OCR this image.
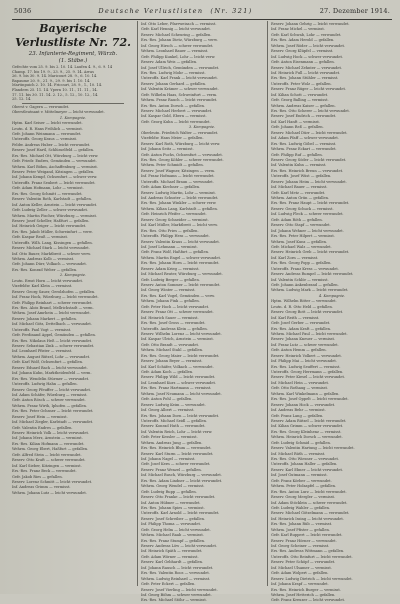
5036	Deutsche Verlustlisten (Nr. 321)	27. Dezember 1914.
Bayerische Verlustliste Nr. 72.
23. Infanterie-Regiment, Würzb.
(1. Stäbe.)
Gefechte vom 25. 9. bis 2. 10. 14. Laufen 4. 9., 6. 9. 14
Champ. 17. bis 19. 9., 23. 9., 25. 9. 14. Arras
26. 9. bis 30. 9. 14. Maricourt 28. 9., 6. 10. 14.
Bapaume 20. 9., 21. 9., 29. 9. bis 1. 10. 14.
Martinpuich 2. 10. 14. Fricourt, 28. 9., 1., 10. 14.
Flandern 25. 11. 14. Ypern 10. 11., 11. 11., 14.
17. 11. bis 30. 11. 14. 2. 12., 5. 12., 10. 12., 14.
25. 12. 14.
Oberst v. Gagern — verwundet.
Oberstleutnant v. Mittelmeyer — leicht verwundet.
1. Kompagnie.
Hptm. Karl Seiser — leicht verwundet.
Leutn. d. R. Hans Fröhlich — vermisst.
Gefr. Johann Weinmann — verwundet.
Unteroffz. Georg Kraus — vermisst.
Feldw. Andreas Huber — leicht verwundet.
Reserv. Josef Hartl, Schlüsselfeld — gefallen.
Ers.-Res. Michael Ott, Würzburg — leicht verw.
Gefr. Friedr. Endres, Gemünden — verwundet.
Wehrm. Karl Böhm, Aschaffenburg — vermisst.
Reserv. Peter Weigand, Kitzingen — gefallen.
Inf. Johann Kempf, Ochsenfurt — schwer verw.
Unteroffz. Franz Seubert — leicht verwundet.
Gefr. Adam Hofmann, Lohr — vermisst.
Ers.-Res. Georg Schmitt — verwundet.
Reserv. Valentin Roth, Karlstadt — gefallen.
Inf. Anton Keller, Arnstein — leicht verwundet.
Gefr. Ludwig Zeller — schwer verwundet.
Wehrm. Martin Fischer, Würzburg — vermisst.
Reserv. Josef Scheller, Haßfurt — gefallen.
Inf. Heinrich Geiger — leicht verwundet.
Ers.-Res. Jakob Müller, Schweinfurt — verw.
Gefr. Kaspar Reuß — vermisst.
Unteroffz. Wilh. Lang, Kissingen — gefallen.
Reserv. Michael Stark — leicht verwundet.
Inf. Otto Bauer, Marktbreit — schwer verw.
Wehrm. Andreas Kolb — vermisst.
Gefr. Johann Dürr, Volkach — verwundet.
Ers.-Res. Konrad Weber — gefallen.
2. Kompagnie.
Leutn. Ernst Horn — leicht verwundet.
Vizefeldw. Karl Klein — vermisst.
Reserv. Georg Sauer, Gerolzhofen — gefallen.
Inf. Franz Hock, Würzburg — leicht verwundet.
Gefr. Philipp Reinhart — schwer verwundet.
Ers.-Res. Alois Brand, Mellrichstadt — verm.
Wehrm. Josef Amrhein — leicht verwundet.
Reserv. Johann Markert — gefallen.
Inf. Michael Götz, Dettelbach — verwundet.
Unteroffz. Paul Vogt — vermisst.
Gefr. Ferdinand Appel, Gemünden — gefallen.
Ers.-Res. Nikolaus Heß — leicht verwundet.
Reserv. Sebastian Zink — schwer verwundet.
Inf. Leonhard Pfister — vermisst.
Wehrm. August Rützel, Lohr — verwundet.
Gefr. Karl Wolf, Ochsenfurt — gefallen.
Reserv. Eduard Bach — leicht verwundet.
Inf. Johann Kuhn, Marktheidenfeld — verm.
Ers.-Res. Wendelin Stürmer — verwundet.
Unteroffz. Ludwig Hahn — gefallen.
Reserv. Georg Pfeuffer — leicht verwundet.
Inf. Adam Schäfer, Würzburg — vermisst.
Gefr. Anton Rösch — schwer verwundet.
Wehrm. Franz Wirth, Iphofen — gefallen.
Ers.-Res. Peter Öchsner — leicht verwundet.
Reserv. Josef Hein — vermisst.
Inf. Michael Ziegler, Karlstadt — verwundet.
Gefr. Valentin Endres — gefallen.
Reserv. Heinrich Volk — leicht verwundet.
Inf. Johann Merz, Arnstein — vermisst.
Ers.-Res. Kilian Hofmann — verwundet.
Wehrm. Georg Ebert, Haßfurt — gefallen.
Gefr. Alfred Stein — leicht verwundet.
Reserv. Otto Kraft — schwer verwundet.
Inf. Karl Sieber, Kitzingen — vermisst.
Ers.-Res. Franz Beck — verwundet.
Gefr. Jakob Ries — gefallen.
Reserv. Lorenz Schmitt — leicht verwundet.
Inf. Andreas Grimm — vermisst.
Wehrm. Johann Lutz — leicht verwundet.
Inf. Otto Leber, Pfarrweisach — vermisst.
Gefr. Karl Hennig — leicht verwundet.
Reserv. Michael Scheuring — gefallen.
Ers.-Res. Johann Dietz, Würzburg — verw.
Inf. Georg Hirsch — schwer verwundet.
Wehrm. Leonhard Bauer — vermisst.
Gefr. Philipp Kunkel, Lohr — leicht verw.
Reserv. Adam Weis — gefallen.
Inf. Josef Ullrich, Gemünden — verwundet.
Ers.-Res. Ludwig Mohr — vermisst.
Unteroffz. Karl Frank — leicht verwundet.
Reserv. Johann Gerhard — gefallen.
Inf. Valentin Krämer — schwer verwundet.
Gefr. Wilhelm Haas, Schweinfurt — verm.
Wehrm. Franz Rauch — leicht verwundet.
Ers.-Res. Anton Dorsch — gefallen.
Reserv. Michael Herbert — verwundet.
Inf. Kaspar Gold, Ebern — vermisst.
Gefr. Georg Kuhn — leicht verwundet.
3. Kompagnie.
Oberleutn. Friedrich Walter — verwundet.
Vizefeldw. Hans Meier — gefallen.
Reserv. Karl Roth, Würzburg — leicht verw.
Inf. Johann Seitz — vermisst.
Gefr. Anton Fuchs, Ochsenfurt — verwundet.
Ers.-Res. Georg Köhler — schwer verwundet.
Wehrm. Peter Schmidt — gefallen.
Reserv. Josef Wagner, Kitzingen — verm.
Inf. Franz Hofmann — leicht verwundet.
Unteroffz. Michael Braun — verwundet.
Gefr. Adam Kirchner — gefallen.
Reserv. Ludwig Martin, Lohr — vermisst.
Inf. Andreas Schuster — leicht verwundet.
Ers.-Res. Johann Winkler — schwer verw.
Wehrm. Kilian Lang, Karlstadt — gefallen.
Gefr. Heinrich Pfeifer — verwundet.
Reserv. Georg Schneider — vermisst.
Inf. Karl Müller, Marktbreit — leicht verw.
Ers.-Res. Otto Fries — gefallen.
Unteroffz. Philipp Hess — verwundet.
Reserv. Valentin Kraus — leicht verwundet.
Inf. Josef Lehmann — vermisst.
Gefr. Franz Wolf, Haßfurt — gefallen.
Wehrm. Martin Engel — schwer verwundet.
Ers.-Res. Johann Horn — leicht verwundet.
Reserv. Adam Krieg — vermisst.
Inf. Michael Reuter, Würzburg — verwundet.
Gefr. Ludwig Berger — gefallen.
Reserv. Anton Sommer — leicht verwundet.
Inf. Georg Winter — vermisst.
Ers.-Res. Karl Vogel, Gemünden — verw.
Wehrm. Johann Fink — gefallen.
Gefr. Peter Hoch — leicht verwundet.
Reserv. Franz Ott — schwer verwundet.
Inf. Heinrich Sauer — vermisst.
Ers.-Res. Josef Gross — verwundet.
Unteroffz. Andreas Klein — gefallen.
Reserv. Wilhelm Lorenz — leicht verwundet.
Inf. Kaspar Ulrich, Arnstein — vermisst.
Gefr. Otto Brandt — verwundet.
Wehrm. Michael Stahl — gefallen.
Ers.-Res. Georg Maier — leicht verwundet.
Reserv. Johann Beyer — vermisst.
Inf. Karl Schäfer, Volkach — verwundet.
Gefr. Adam Koch — gefallen.
Reserv. Philipp Wild — leicht verwundet.
Inf. Leonhard Kurz — schwer verwundet.
Ers.-Res. Franz Hartmann — vermisst.
Wehrm. Josef Neumann — leicht verwundet.
Gefr. Anton Pohl — gefallen.
Reserv. Ludwig Keim — verwundet.
Inf. Georg Albert — vermisst.
Ers.-Res. Johann Dorn — leicht verwundet.
Unteroffz. Michael Seidl — gefallen.
Reserv. Konrad Huth — verwundet.
Inf. Valentin Reich, Lohr — leicht verw.
Gefr. Peter Kessler — vermisst.
Wehrm. Andreas Jung — gefallen.
Ers.-Res. Heinrich Blum — verwundet.
Reserv. Karl Sturm — leicht verwundet.
Inf. Johann Nagel — vermisst.
Gefr. Josef Kern — schwer verwundet.
Reserv. Franz Wenzel — gefallen.
Inf. Michael Busch, Würzburg — verwundet.
Ers.-Res. Adam Lindner — leicht verwundet.
Wehrm. Georg Wendel — vermisst.
Gefr. Ludwig Rupp — gefallen.
Reserv. Otto Franke — leicht verwundet.
Inf. Anton Hübner — verwundet.
Ers.-Res. Johann Spies — vermisst.
Unteroffz. Karl Arnold — leicht verwundet.
Reserv. Josef Schreiber — gefallen.
Inf. Philipp Thoma — verwundet.
Gefr. Georg Helm — leicht verwundet.
Wehrm. Michael Raab — vermisst.
Ers.-Res. Franz Stumpf — gefallen.
Reserv. Andreas Löw — leicht verwundet.
Inf. Heinrich Späth — verwundet.
Gefr. Adam Wörner — vermisst.
Reserv. Karl Gebhardt — gefallen.
Inf. Johann Rausch — leicht verwundet.
Ers.-Res. Valentin Roos — verwundet.
Wehrm. Ludwig Reinhard — vermisst.
Gefr. Peter Eckert — gefallen.
Reserv. Josef Vierling — leicht verwundet.
Inf. Georg Böhm — schwer verwundet.
Ers.-Res. Michael Stöhr — vermisst.
Reserv. Johann Gehrig — leicht verwundet.
Inf. Franz Michel — vermisst.
Gefr. Karl Schwab, Lohr — verwundet.
Ers.-Res. Adam Herold — gefallen.
Wehrm. Josef Röder — leicht verwundet.
Reserv. Georg Klüpfel — vermisst.
Inf. Ludwig Hock — schwer verwundet.
Gefr. Anton Eisenmann — gefallen.
Reserv. Michael Zehnter — verwundet.
Inf. Heinrich Full — leicht verwundet.
Ers.-Res. Johann Stühler — vermisst.
Unteroffz. Peter Wolz — gefallen.
Reserv. Franz Rüger — leicht verwundet.
Inf. Kilian Schott — verwundet.
Gefr. Georg Balling — vermisst.
Wehrm. Andreas Kaiser — gefallen.
Ers.-Res. Otto Scherer — leicht verwundet.
Reserv. Josef Endrich — verwundet.
Inf. Karl Hanft — vermisst.
Gefr. Johann Reß — gefallen.
Reserv. Michael Dürr — leicht verwundet.
Inf. Adam Pfaff — schwer verwundet.
Ers.-Res. Ludwig Göbel — vermisst.
Wehrm. Franz Eckart — verwundet.
Gefr. Philipp Ruf — gefallen.
Reserv. Georg Söder — leicht verwundet.
Inf. Valentin Kuhn — vermisst.
Ers.-Res. Heinrich Breun — verwundet.
Unteroffz. Josef Wüst — gefallen.
Reserv. Johann Heim — leicht verwundet.
Inf. Michael Bauer — vermisst.
Gefr. Karl Metz — verwundet.
Wehrm. Anton Grün — gefallen.
Ers.-Res. Franz Haupt — leicht verwundet.
Reserv. Georg Schuck — vermisst.
Inf. Ludwig Fleck — schwer verwundet.
Gefr. Adam Röth — gefallen.
Reserv. Otto Stapf — verwundet.
Inf. Johann Wehner — leicht verwundet.
Ers.-Res. Peter Hilpert — vermisst.
Wehrm. Josef Kunz — gefallen.
Gefr. Michael Walz — verwundet.
Reserv. Heinrich Greb — leicht verwundet.
Inf. Karl Zorn — vermisst.
Ers.-Res. Georg Popp — gefallen.
Unteroffz. Franz Kress — verwundet.
Reserv. Andreas Rumpel — leicht verwundet.
Inf. Valentin Schlör — vermisst.
Gefr. Johann Ankenbrand — gefallen.
Wehrm. Ludwig Mark — leicht verwundet.
4. Kompagnie.
Hptm. Wilhelm Ritter — verwundet.
Leutn. d. R. Otto Held — gefallen.
Reserv. Georg Bott — leicht verwundet.
Inf. Karl Reith — vermisst.
Gefr. Josef Gerber — verwundet.
Ers.-Res. Adam Kraft — gefallen.
Wehrm. Michael Paul — leicht verwundet.
Reserv. Johann Kneuer — vermisst.
Inf. Franz Lutz — schwer verwundet.
Gefr. Anton Hemm — gefallen.
Reserv. Heinrich Volkert — verwundet.
Inf. Philipp Mai — leicht verwundet.
Ers.-Res. Ludwig Seuffert — vermisst.
Unteroffz. Georg Herrmann — gefallen.
Reserv. Peter Kiesel — leicht verwundet.
Inf. Michael Hein — verwundet.
Gefr. Otto Rothaug — vermisst.
Wehrm. Karl Winkelmann — gefallen.
Ers.-Res. Josef Oppelt — leicht verwundet.
Reserv. Johann Hock — verwundet.
Inf. Andreas Behr — vermisst.
Gefr. Franz Lang — gefallen.
Reserv. Adam Rützel — leicht verwundet.
Inf. Kilian Grimm — schwer verwundet.
Ers.-Res. Georg Kleinhenz — vermisst.
Wehrm. Heinrich Dorsch — verwundet.
Gefr. Ludwig Schmid — gefallen.
Reserv. Valentin Hartung — leicht verwundet.
Inf. Michael Rüth — vermisst.
Ers.-Res. Otto Wiesner — verwundet.
Unteroffz. Johann Haller — gefallen.
Reserv. Karl Ebner — leicht verwundet.
Inf. Josef Gutmann — vermisst.
Gefr. Franz Körber — verwundet.
Wehrm. Peter Holzapfel — gefallen.
Ers.-Res. Anton Lurz — leicht verwundet.
Reserv. Georg Mergler — vermisst.
Inf. Adam Stöcklein — schwer verwundet.
Gefr. Ludwig Wahler — gefallen.
Reserv. Michael Götzelmann — verwundet.
Inf. Heinrich Issing — leicht verwundet.
Ers.-Res. Johann Rüb — vermisst.
Wehrm. Josef Pfister — gefallen.
Gefr. Karl Ruppert — leicht verwundet.
Reserv. Franz Hörner — verwundet.
Inf. Georg Scheiner — vermisst.
Ers.-Res. Andreas Wittmann — gefallen.
Unteroffz. Otto Reinfurt — leicht verwundet.
Reserv. Peter Schöpf — verwundet.
Inf. Michael Ulsamer — vermisst.
Gefr. Adam Wolpert — gefallen.
Reserv. Ludwig Dietrich — leicht verwundet.
Inf. Johann Krapf — verwundet.
Ers.-Res. Heinrich Burger — vermisst.
Wehrm. Josef Hetterich — gefallen.
Gefr. Franz Kreuzer — leicht verwundet.
